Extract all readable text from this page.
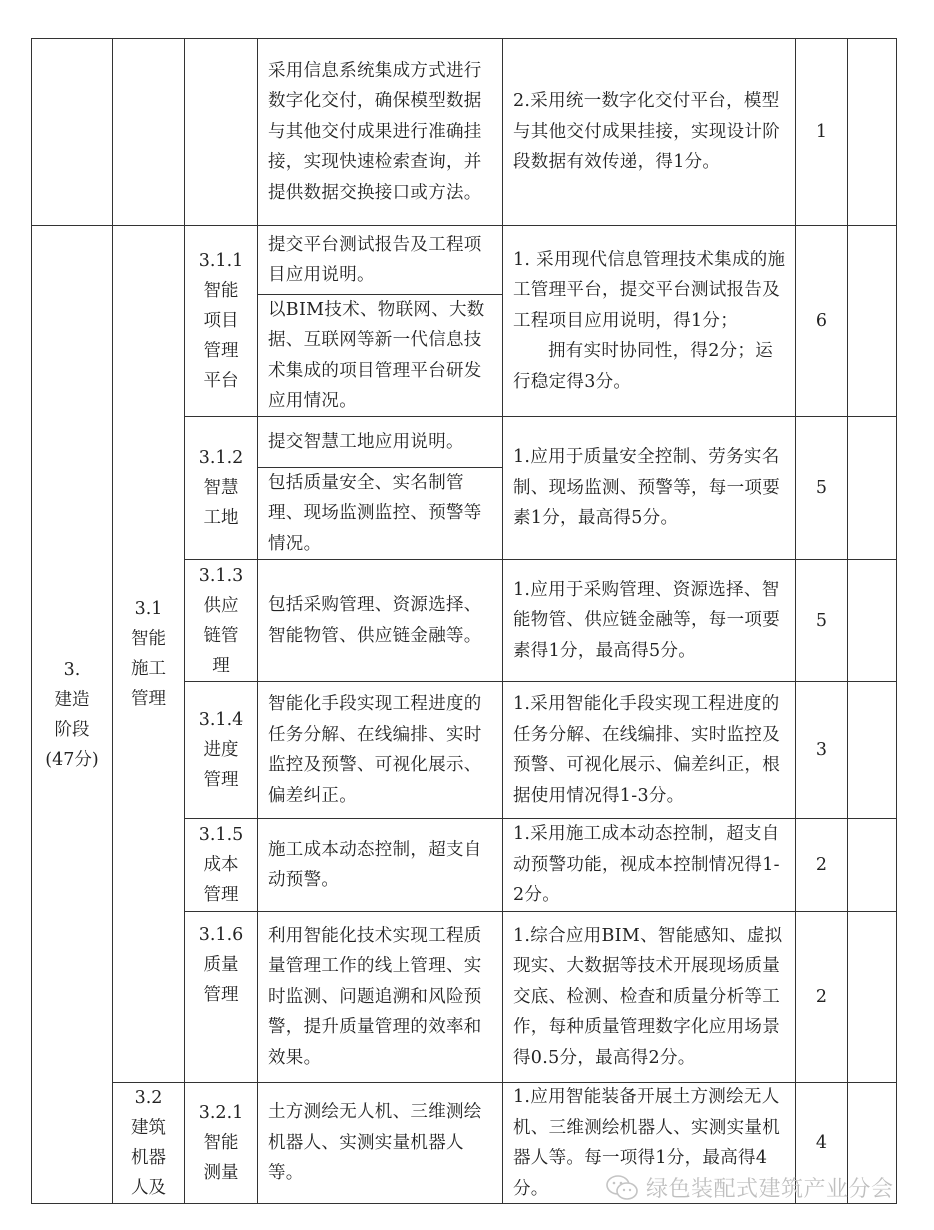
采用信息系统集成方式进行数字化交付，确保模型数据与其他交付成果进行准确挂接，实现快速检索查询，并提供数据交换接口或方法。
2.采用统一数字化交付平台，模型与其他交付成果挂接，实现设计阶段数据有效传递，得1分。
1
3.
建造阶段
(47分)
3.1
智能施工管理
3.2
建筑机器人及
3.1.1
智能项目管理平台
提交平台测试报告及工程项目应用说明。
以BIM技术、物联网、大数据、互联网等新一代信息技术集成的项目管理平台研发应用情况。
1. 采用现代信息管理技术集成的施工管理平台，提交平台测试报告及工程项目应用说明，得1分；
拥有实时协同性，得2分；运行稳定得3分。
6
3.1.2
智慧工地
提交智慧工地应用说明。
包括质量安全、实名制管理、现场监测监控、预警等情况。
1.应用于质量安全控制、劳务实名制、现场监测、预警等，每一项要素1分，最高得5分。
5
3.1.3
供应链管理
包括采购管理、资源选择、智能物管、供应链金融等。
1.应用于采购管理、资源选择、智能物管、供应链金融等，每一项要素得1分，最高得5分。
5
3.1.4
进度管理
智能化手段实现工程进度的任务分解、在线编排、实时监控及预警、可视化展示、偏差纠正。
1.采用智能化手段实现工程进度的任务分解、在线编排、实时监控及预警、可视化展示、偏差纠正，根据使用情况得1-3分。
3
3.1.5
成本管理
施工成本动态控制，超支自动预警。
1.采用施工成本动态控制，超支自动预警功能，视成本控制情况得1-2分。
2
3.1.6
质量管理
利用智能化技术实现工程质量管理工作的线上管理、实时监测、问题追溯和风险预警，提升质量管理的效率和效果。
1.综合应用BIM、智能感知、虚拟现实、大数据等技术开展现场质量交底、检测、检查和质量分析等工作，每种质量管理数字化应用场景得0.5分，最高得2分。
2
3.2.1
智能测量
土方测绘无人机、三维测绘机器人、实测实量机器人等。
1.应用智能装备开展土方测绘无人机、三维测绘机器人、实测实量机器人等。每一项得1分，最高得4分。
4
绿色装配式建筑产业分会
